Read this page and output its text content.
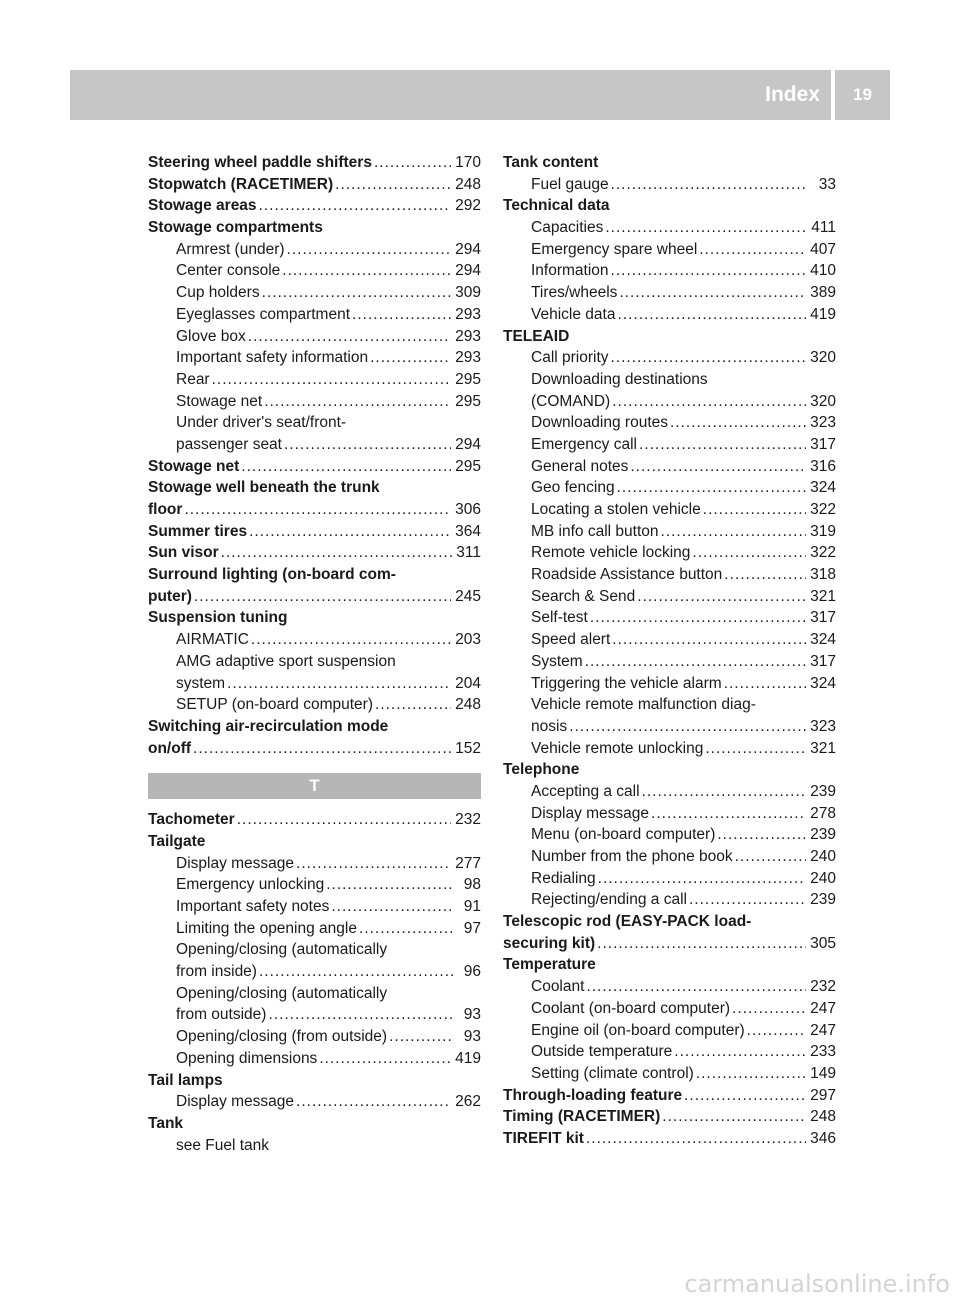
Index	19
Steering wheel paddle shifters .....	170
Stopwatch (RACETIMER) .....	248
Stowage areas .....	292
Stowage compartments
Armrest (under) .....	294
Center console .....	294
Cup holders .....	309
Eyeglasses compartment .....	293
Glove box .....	293
Important safety information .....	293
Rear .....	295
Stowage net .....	295
Under driver's seat/front-
passenger seat .....	294
Stowage net .....	295
Stowage well beneath the trunk
floor .....	306
Summer tires .....	364
Sun visor .....	311
Surround lighting (on-board com-
puter) .....	245
Suspension tuning
AIRMATIC .....	203
AMG adaptive sport suspension
system .....	204
SETUP (on-board computer) .....	248
Switching air-recirculation mode
on/off .....	152
T
Tachometer .....	232
Tailgate
Display message .....	277
Emergency unlocking .....	98
Important safety notes .....	91
Limiting the opening angle .....	97
Opening/closing (automatically
from inside) .....	96
Opening/closing (automatically
from outside) .....	93
Opening/closing (from outside) .....	93
Opening dimensions .....	419
Tail lamps
Display message .....	262
Tank
see Fuel tank
Tank content
Fuel gauge .....	33
Technical data
Capacities .....	411
Emergency spare wheel .....	407
Information .....	410
Tires/wheels .....	389
Vehicle data .....	419
TELEAID
Call priority .....	320
Downloading destinations
(COMAND) .....	320
Downloading routes .....	323
Emergency call .....	317
General notes .....	316
Geo fencing .....	324
Locating a stolen vehicle .....	322
MB info call button .....	319
Remote vehicle locking .....	322
Roadside Assistance button .....	318
Search & Send .....	321
Self-test .....	317
Speed alert .....	324
System .....	317
Triggering the vehicle alarm .....	324
Vehicle remote malfunction diag-
nosis .....	323
Vehicle remote unlocking .....	321
Telephone
Accepting a call .....	239
Display message .....	278
Menu (on-board computer) .....	239
Number from the phone book .....	240
Redialing .....	240
Rejecting/ending a call .....	239
Telescopic rod (EASY-PACK load-
securing kit) .....	305
Temperature
Coolant .....	232
Coolant (on-board computer) .....	247
Engine oil (on-board computer) .....	247
Outside temperature .....	233
Setting (climate control) .....	149
Through-loading feature .....	297
Timing (RACETIMER) .....	248
TIREFIT kit .....	346
carmanualsonline.info
